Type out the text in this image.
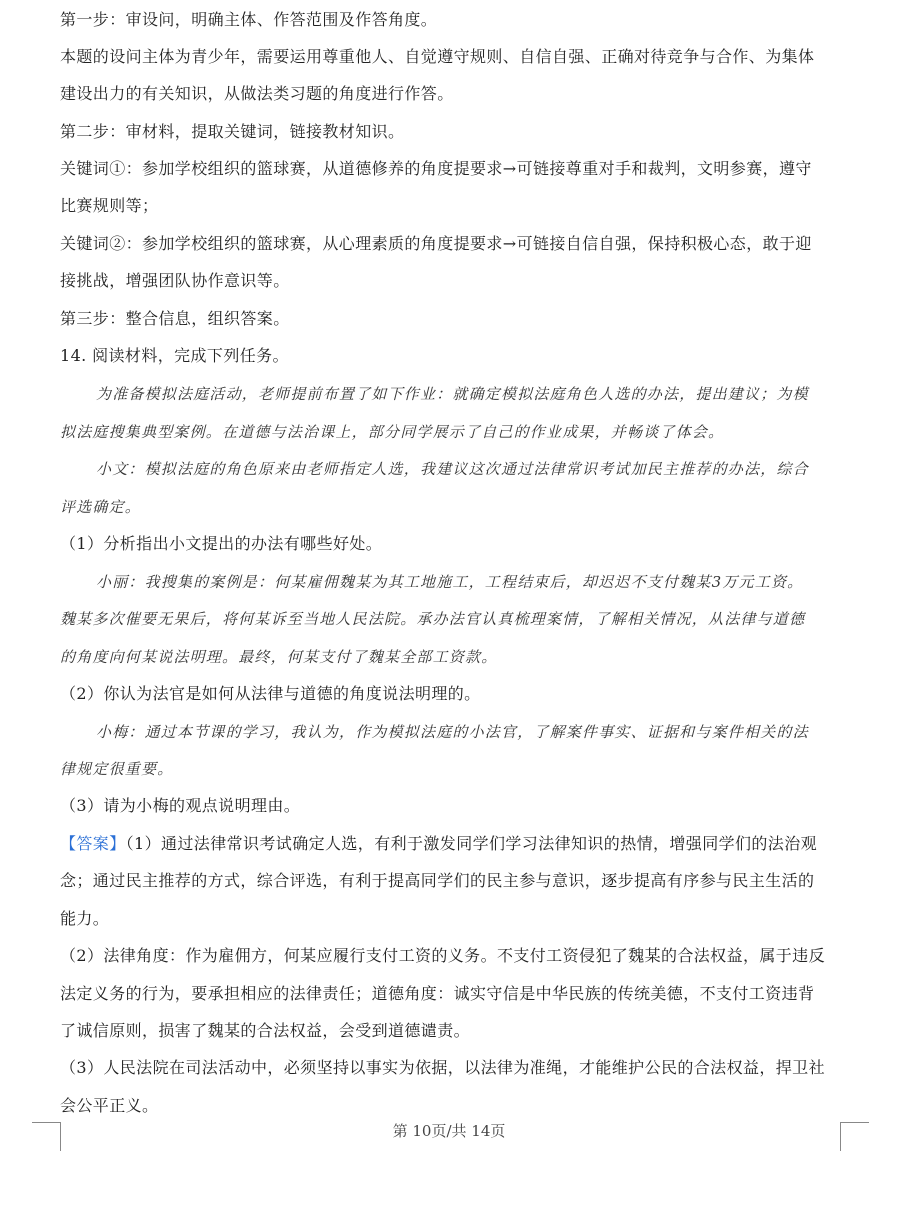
第一步：审设问，明确主体、作答范围及作答角度。
本题的设问主体为青少年，需要运用尊重他人、自觉遵守规则、自信自强、正确对待竞争与合作、为集体
建设出力的有关知识，从做法类习题的角度进行作答。
第二步：审材料，提取关键词，链接教材知识。
关键词①：参加学校组织的篮球赛，从道德修养的角度提要求→可链接尊重对手和裁判，文明参赛，遵守
比赛规则等；
关键词②：参加学校组织的篮球赛，从心理素质的角度提要求→可链接自信自强，保持积极心态，敢于迎
接挑战，增强团队协作意识等。
第三步：整合信息，组织答案。
14. 阅读材料，完成下列任务。
为准备模拟法庭活动，老师提前布置了如下作业：就确定模拟法庭角色人选的办法，提出建议；为模
拟法庭搜集典型案例。在道德与法治课上，部分同学展示了自己的作业成果，并畅谈了体会。
小文：模拟法庭的角色原来由老师指定人选，我建议这次通过法律常识考试加民主推荐的办法，综合
评选确定。
（1）分析指出小文提出的办法有哪些好处。
小丽：我搜集的案例是：何某雇佣魏某为其工地施工，工程结束后，却迟迟不支付魏某3万元工资。
魏某多次催要无果后，将何某诉至当地人民法院。承办法官认真梳理案情，了解相关情况，从法律与道德
的角度向何某说法明理。最终，何某支付了魏某全部工资款。
（2）你认为法官是如何从法律与道德的角度说法明理的。
小梅：通过本节课的学习，我认为，作为模拟法庭的小法官，了解案件事实、证据和与案件相关的法
律规定很重要。
（3）请为小梅的观点说明理由。
【答案】（1）通过法律常识考试确定人选，有利于激发同学们学习法律知识的热情，增强同学们的法治观
念；通过民主推荐的方式，综合评选，有利于提高同学们的民主参与意识，逐步提高有序参与民主生活的
能力。
（2）法律角度：作为雇佣方，何某应履行支付工资的义务。不支付工资侵犯了魏某的合法权益，属于违反
法定义务的行为，要承担相应的法律责任；道德角度：诚实守信是中华民族的传统美德，不支付工资违背
了诚信原则，损害了魏某的合法权益，会受到道德谴责。
（3）人民法院在司法活动中，必须坚持以事实为依据，以法律为准绳，才能维护公民的合法权益，捍卫社
会公平正义。
第 10页/共 14页
